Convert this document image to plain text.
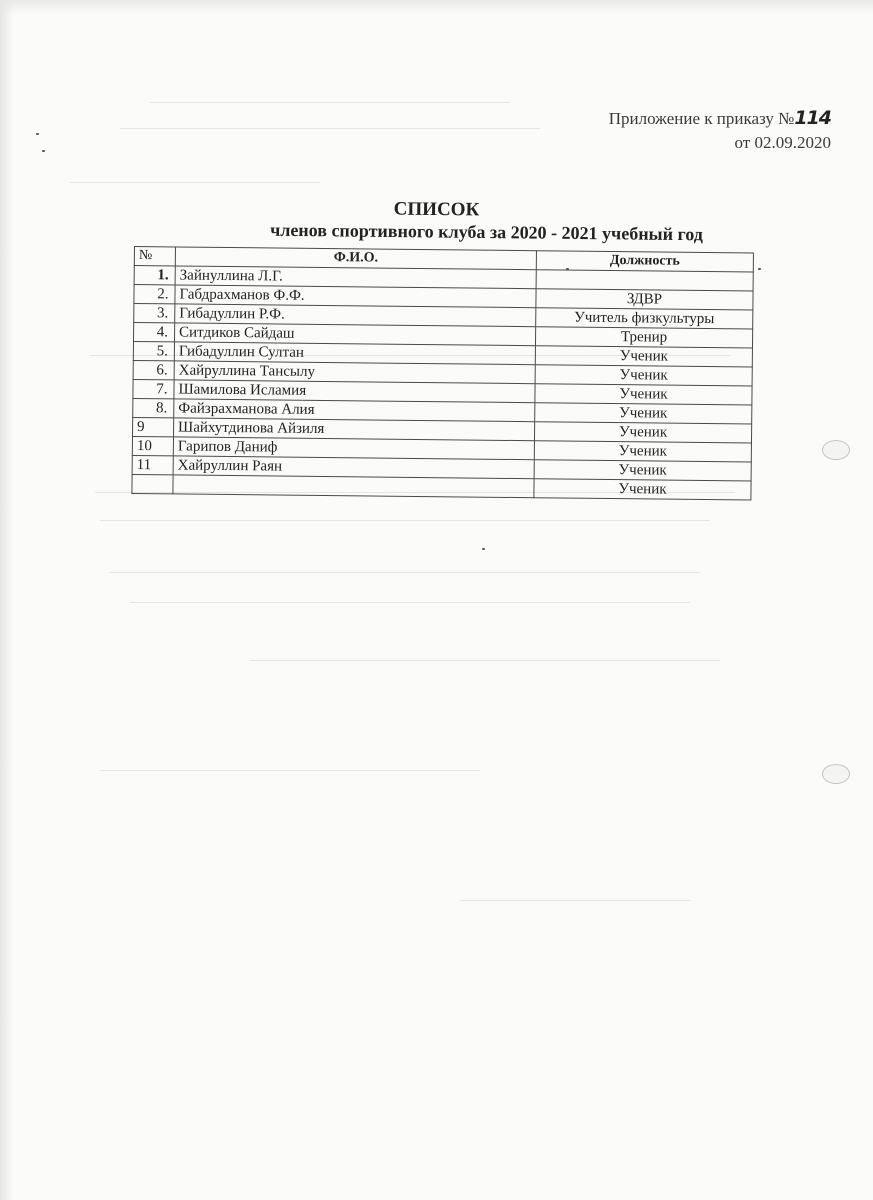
Приложение к приказу №114
от 02.09.2020
СПИСОК
членов спортивного клуба за 2020 - 2021 учебный год
№	Ф.И.О.	Должность
1.	Зайнуллина Л.Г.	
2.	Габдрахманов Ф.Ф.	ЗДВР
3.	Гибадуллин Р.Ф.	Учитель физкультуры
4.	Ситдиков Сайдаш	Тренир
5.	Гибадуллин Султан	Ученик
6.	Хайруллина Тансылу	Ученик
7.	Шамилова Исламия	Ученик
8.	Файзрахманова Алия	Ученик
9	Шайхутдинова Айзиля	Ученик
10	Гарипов Даниф	Ученик
11	Хайруллин Раян	Ученик
		Ученик
